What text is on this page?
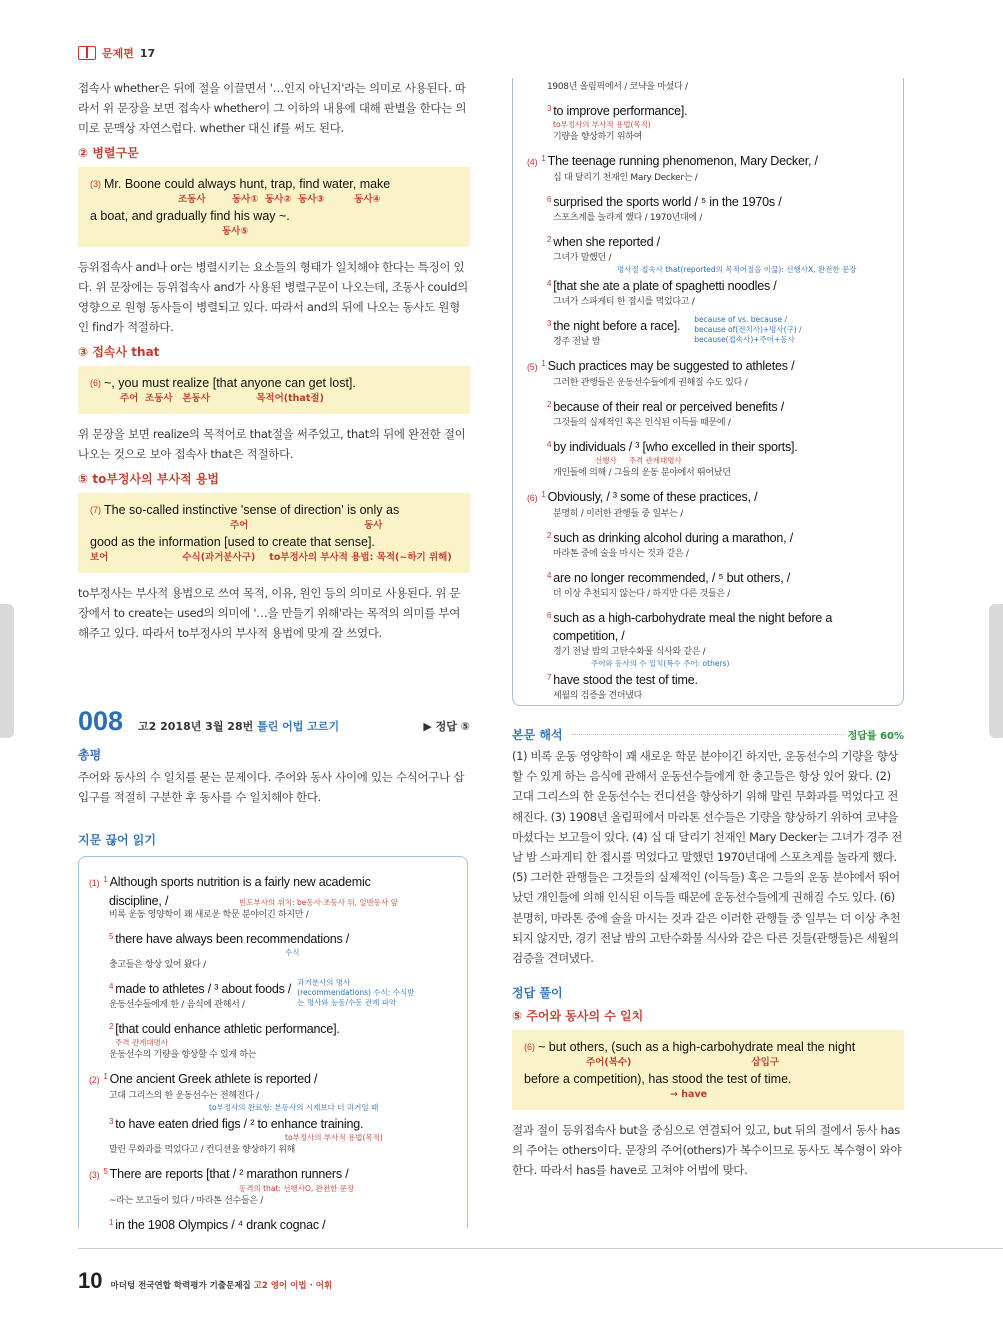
문제편 17

접속사 whether은 뒤에 절을 이끌면서 '…인지 아닌지'라는 의미로 사용된다. 따라서 위 문장을 보면 접속사 whether이 그 이하의 내용에 대해 판별을 한다는 의미로 문맥상 자연스럽다. whether 대신 if를 써도 된다.

② 병렬구문
(3) Mr. Boone could always hunt, trap, find water, make
조동사        동사①  동사②  동사③         동사④
a boat, and gradually find his way ~.
동사⑤

등위접속사 and나 or는 병렬시키는 요소들의 형태가 일치해야 한다는 특징이 있다. 위 문장에는 등위접속사 and가 사용된 병렬구문이 나오는데, 조동사 could의 영향으로 원형 동사들이 병렬되고 있다. 따라서 and의 뒤에 나오는 동사도 원형인 find가 적절하다.

③ 접속사 that
(6) ~, you must realize [that anyone can get lost].
주어  조동사   본동사              목적어(that절)

위 문장을 보면 realize의 목적어로 that절을 써주었고, that의 뒤에 완전한 절이 나오는 것으로 보아 접속사 that은 적절하다.

⑤ to부정사의 부사적 용법
(7) The so-called instinctive 'sense of direction' is only as
주어                                   동사
good as the information [used to create that sense].
보어	수식(과거분사구) to부정사의 부사적 용법: 목적(~하기 위해)

to부정사는 부사적 용법으로 쓰여 목적, 이유, 원인 등의 의미로 사용된다. 위 문장에서 to create는 used의 의미에 '…을 만들기 위해'라는 목적의 의미를 부여해주고 있다. 따라서 to부정사의 부사적 용법에 맞게 잘 쓰였다.

008 고2 2018년 3월 28번 틀린 어법 고르기	▶ 정답 ⑤
총평

주어와 동사의 수 일치를 묻는 문제이다. 주어와 동사 사이에 있는 수식어구나 삽입구를 적절히 구분한 후 동사를 수 일치해야 한다.

지문 끊어 읽기
(1) $^1$ Although sports nutrition is a fairly new academic
discipline, /	빈도부사의 위치: be동사·조동사 뒤, 일반동사 앞
비록 운동 영양학이 꽤 새로운 학문 분야이긴 하지만 /
$^5$ there have always been recommendations /
수식
충고들은 항상 있어 왔다 /
$^4$ made to athletes / ³ about foods /
운동선수들에게 한 / 음식에 관해서 /
과거분사의 명사(recommendations) 수식: 수식받는 명사와 능동/수동 관계 파악
$^2$ [that could enhance athletic performance].
주격 관계대명사
운동선수의 기량을 향상할 수 있게 하는
(2) $^1$ One ancient Greek athlete is reported /
고대 그리스의 한 운동선수는 전해진다 /
to부정사의 완료형: 본동사의 시제보다 더 과거일 때
$^3$ to have eaten dried figs / ² to enhance training.
to부정사의 부사적 용법(목적)
말린 무화과를 먹었다고 / 컨디션을 향상하기 위해
(3) $^5$ There are reports [that / ² marathon runners /
동격의 that: 선행사O, 완전한 문장
~라는 보고들이 있다 / 마라톤 선수들은 /
$^1$ in the 1908 Olympics / ⁴ drank cognac /
1908년 올림픽에서 / 코냑을 마셨다 /
$^3$ to improve performance].
to부정사의 부사적 용법(목적)
기량을 향상하기 위하여
(4) $^1$ The teenage running phenomenon, Mary Decker, /
십 대 달리기 천재인 Mary Decker는 /
$^6$ surprised the sports world / ⁵ in the 1970s /
스포츠계를 놀라게 했다 / 1970년대에 /
$^2$ when she reported /
그녀가 말했던 /
명사절 접속사 that(reported의 목적어절을 이끎): 선행사X, 완전한 문장
$^4$ [that she ate a plate of spaghetti noodles /
그녀가 스파게티 한 접시를 먹었다고 /
$^3$ the night before a race].
경주 전날 밤
because of vs. because / because of(전치사)+명사(구) / because(접속사)+주어+동사
(5) $^1$ Such practices may be suggested to athletes /
그러한 관행들은 운동선수들에게 권해질 수도 있다 /
$^2$ because of their real or perceived benefits /
그것들의 실제적인 혹은 인식된 이득들 때문에 /
$^4$ by individuals / ³ [who excelled in their sports].
선행사     주격 관계대명사
개인들에 의해 / 그들의 운동 분야에서 뛰어났던
(6) $^1$ Obviously, / ³ some of these practices, /
분명히 / 이러한 관행들 중 일부는 /
$^2$ such as drinking alcohol during a marathon, /
마라톤 중에 술을 마시는 것과 같은 /
$^4$ are no longer recommended, / ⁵ but others, /
더 이상 추천되지 않는다 / 하지만 다른 것들은 /
$^6$ such as a high-carbohydrate meal the night before a
competition, /
경기 전날 밤의 고탄수화물 식사와 같은 /
주어와 동사의 수 일치(복수 주어: others)
$^7$ have stood the test of time.
세월의 검증을 견뎌냈다
본문 해석	정답률 60%

(1) 비록 운동 영양학이 꽤 새로운 학문 분야이긴 하지만, 운동선수의 기량을 향상할 수 있게 하는 음식에 관해서 운동선수들에게 한 충고들은 항상 있어 왔다. (2) 고대 그리스의 한 운동선수는 컨디션을 향상하기 위해 말린 무화과를 먹었다고 전해진다. (3) 1908년 올림픽에서 마라톤 선수들은 기량을 향상하기 위하여 코냑을 마셨다는 보고들이 있다. (4) 십 대 달리기 천재인 Mary Decker는 그녀가 경주 전날 밤 스파게티 한 접시를 먹었다고 말했던 1970년대에 스포츠계를 놀라게 했다. (5) 그러한 관행들은 그것들의 실제적인 (이득들) 혹은 그들의 운동 분야에서 뛰어났던 개인들에 의해 인식된 이득들 때문에 운동선수들에게 권해질 수도 있다. (6) 분명히, 마라톤 중에 술을 마시는 것과 같은 이러한 관행들 중 일부는 더 이상 추천되지 않지만, 경기 전날 밤의 고탄수화물 식사와 같은 다른 것들(관행들)은 세월의 검증을 견뎌냈다.

정답 풀이
⑤ 주어와 동사의 수 일치
(6) ~ but others, (such as a high-carbohydrate meal the night
주어(복수)	삽입구
before a competition), has stood the test of time.
→ have

절과 절이 등위접속사 but을 중심으로 연결되어 있고, but 뒤의 절에서 동사 has의 주어는 others이다. 문장의 주어(others)가 복수이므로 동사도 복수형이 와야 한다. 따라서 has를 have로 고쳐야 어법에 맞다.

10 마더텅 전국연합 학력평가 기출문제집 고2 영어 어법 · 어휘
